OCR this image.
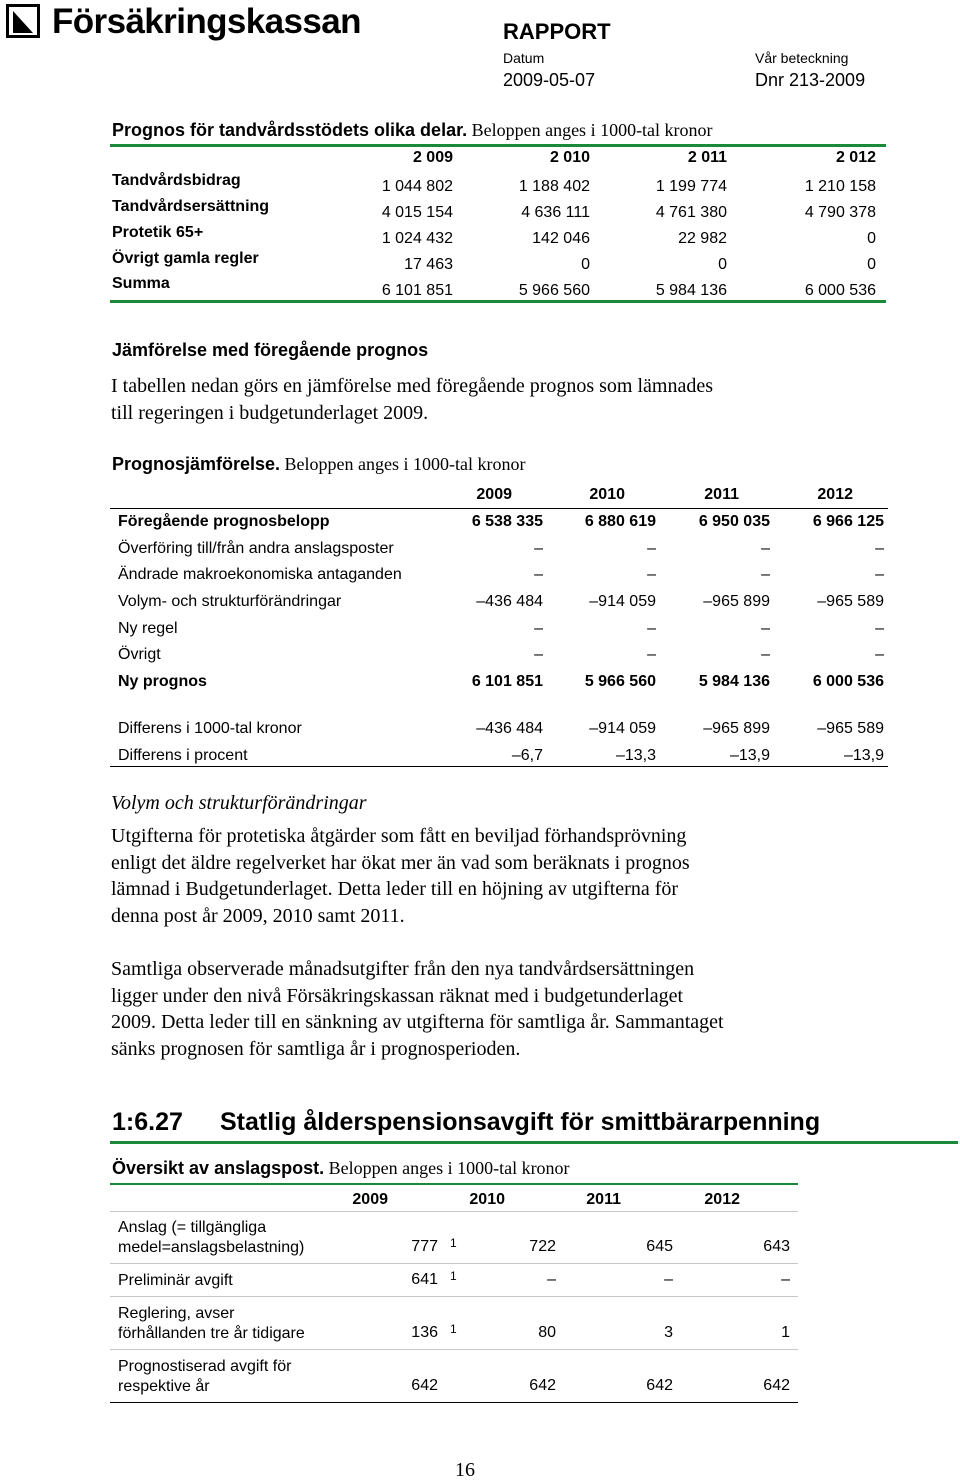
Försäkringskassan	RAPPORT
Datum	Vår beteckning
2009-05-07	Dnr 213-2009
Prognos för tandvårdsstödets olika delar. Beloppen anges i 1000-tal kronor
2 009	2 010	2 011	2 012
Tandvårdsbidrag	1 044 802	1 188 402	1 199 774	1 210 158
Tandvårdsersättning	4 015 154	4 636 111	4 761 380	4 790 378
Protetik 65+	1 024 432	142 046	22 982	0
Övrigt gamla regler	17 463	0	0	0
Summa	6 101 851	5 966 560	5 984 136	6 000 536
Jämförelse med föregående prognos
I tabellen nedan görs en jämförelse med föregående prognos som lämnades
till regeringen i budgetunderlaget 2009.
Prognosjämförelse. Beloppen anges i 1000-tal kronor
2009	2010	2011	2012
Föregående prognosbelopp	6 538 335	6 880 619	6 950 035	6 966 125
Överföring till/från andra anslagsposter	–	–	–	–
Ändrade makroekonomiska antaganden	–	–	–	–
Volym- och strukturförändringar	–436 484	–914 059	–965 899	–965 589
Ny regel	–	–	–	–
Övrigt	–	–	–	–
Ny prognos	6 101 851	5 966 560	5 984 136	6 000 536
Differens i 1000-tal kronor	–436 484	–914 059	–965 899	–965 589
Differens i procent	–6,7	–13,3	–13,9	–13,9
Volym och strukturförändringar
Utgifterna för protetiska åtgärder som fått en beviljad förhandsprövning
enligt det äldre regelverket har ökat mer än vad som beräknats i prognos
lämnad i Budgetunderlaget. Detta leder till en höjning av utgifterna för
denna post år 2009, 2010 samt 2011.
Samtliga observerade månadsutgifter från den nya tandvårdsersättningen
ligger under den nivå Försäkringskassan räknat med i budgetunderlaget
2009. Detta leder till en sänkning av utgifterna för samtliga år. Sammantaget
sänks prognosen för samtliga år i prognosperioden.
1:6.27 Statlig ålderspensionsavgift för smittbärarpenning
Översikt av anslagspost. Beloppen anges i 1000-tal kronor
2009	2010	2011	2012
Anslag (= tillgängliga
medel=anslagsbelastning)	777 1	722	645	643
Preliminär avgift	641 1	–	–	–
Reglering, avser
förhållanden tre år tidigare	136 1	80	3	1
Prognostiserad avgift för
respektive år	642	642	642	642
16
